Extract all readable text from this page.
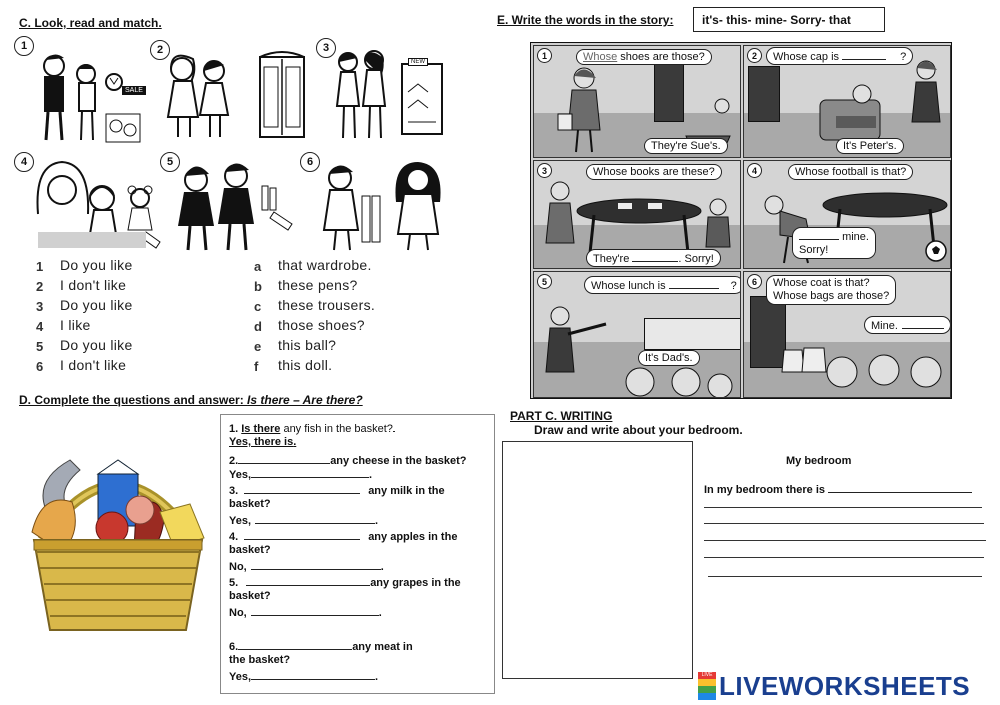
C. Look, read and match.
1
SALE
2	3
NEW
4	5	6
1 Do you like
2 I don't like
3 Do you like
4 I like
5 Do you like
6 I don't like
a that wardrobe.
b these pens?
c these trousers.
d those shoes?
e this ball?
f this doll.
D. Complete the questions and answer: Is there – Are there?
1. Is there any fish in the basket?
Yes, there is.
2.	any cheese in the basket?
Yes,	.
3.	any milk in the
basket?
Yes,	.
4.	any apples in the
basket?
No,	.
5.	any grapes in the
basket?
No,	.
6.	any meat in
the basket?
Yes,	.
E. Write the words in the story:	it's- this- mine- Sorry- that
1	Whose shoes are those?
They're Sue's.
2	Whose cap is	?
It's Peter's.
3	Whose books are these?
They're	. Sorry!
4	Whose football is that?
mine.
Sorry!
5	Whose lunch is	?
It's Dad's.
6	Whose coat is that?
Whose bags are those?
Mine.
PART C. WRITING
Draw and write about your bedroom.
My bedroom
In my bedroom there is
LIVE LIVEWORKSHEETS
